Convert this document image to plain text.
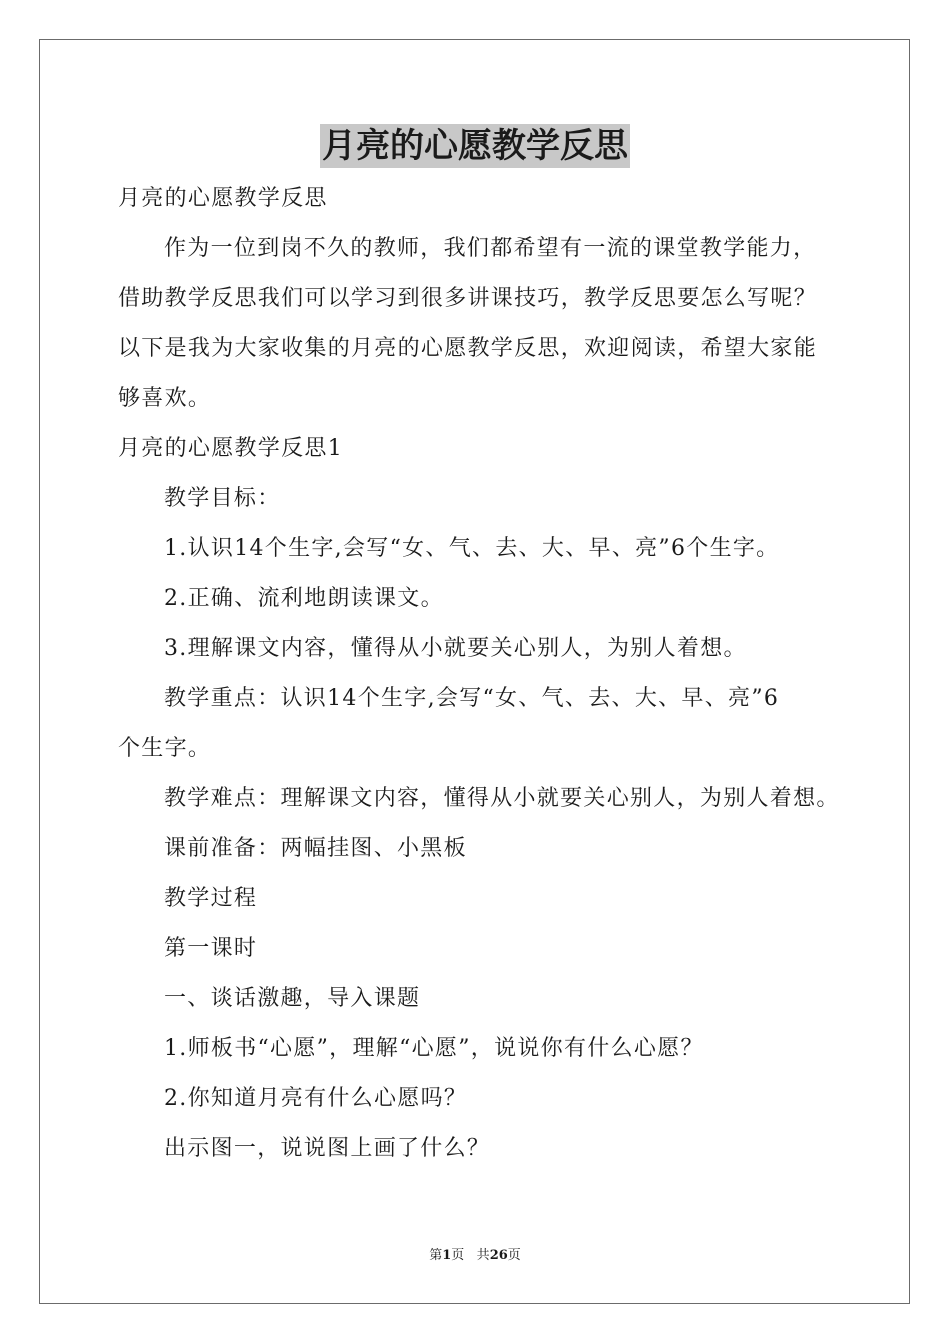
月亮的心愿教学反思
月亮的心愿教学反思
作为一位到岗不久的教师，我们都希望有一流的课堂教学能力，
借助教学反思我们可以学习到很多讲课技巧，教学反思要怎么写呢？
以下是我为大家收集的月亮的心愿教学反思，欢迎阅读，希望大家能
够喜欢。
月亮的心愿教学反思1
教学目标：
1.认识14个生字,会写“女、气、去、大、早、亮”6个生字。
2.正确、流利地朗读课文。
3.理解课文内容，懂得从小就要关心别人，为别人着想。
教学重点：认识14个生字,会写“女、气、去、大、早、亮”6
个生字。
教学难点：理解课文内容，懂得从小就要关心别人，为别人着想。
课前准备：两幅挂图、小黑板
教学过程
第一课时
一、谈话激趣，导入课题
1.师板书“心愿”，理解“心愿”，说说你有什么心愿？
2.你知道月亮有什么心愿吗？
出示图一，说说图上画了什么？
第1页 共26页
